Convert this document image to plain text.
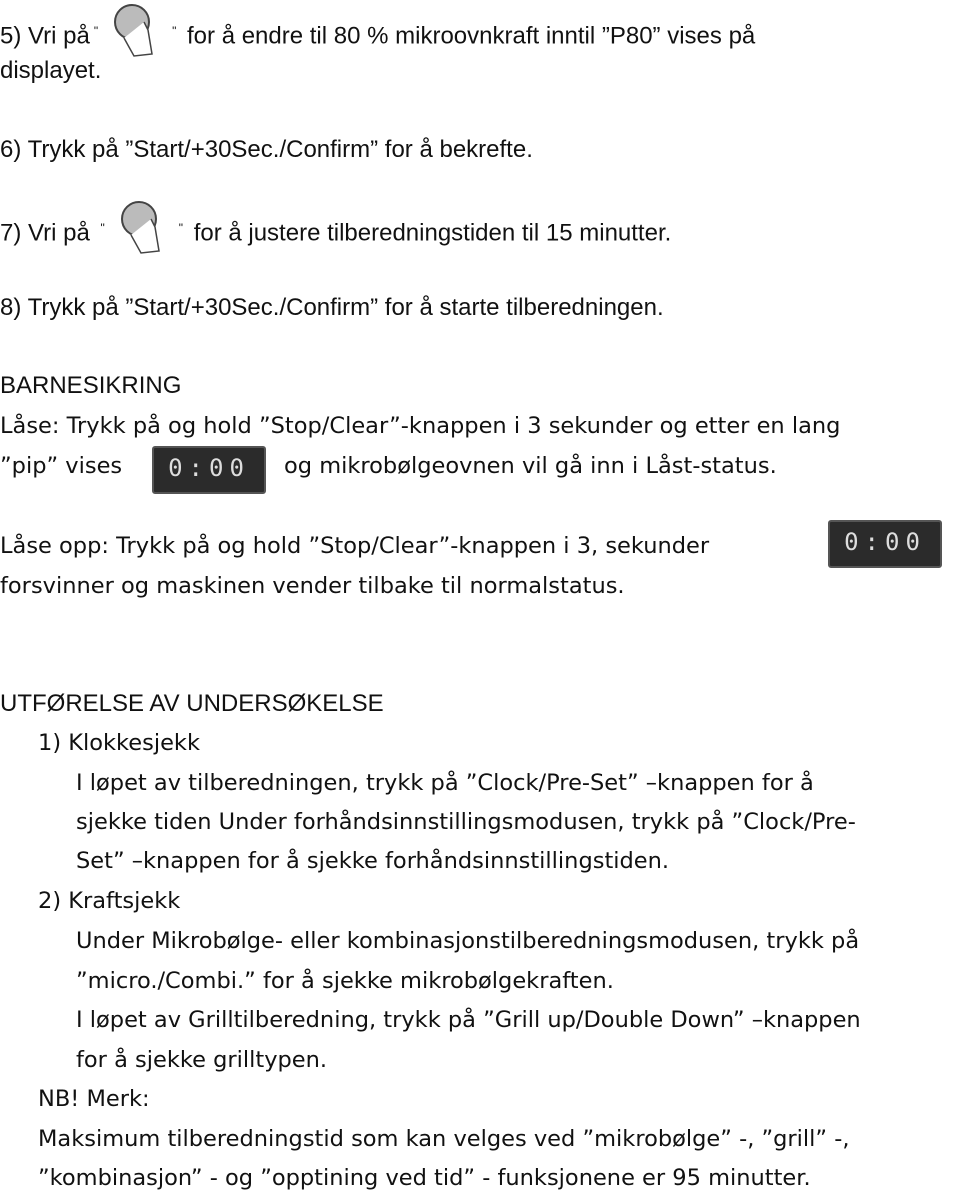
5) Vri på "	" for å endre til 80 % mikroovnkraft inntil ”P80” vises på
displayet.
6) Trykk på ”Start/+30Sec./Confirm” for å bekrefte.
7) Vri på "	" for å justere tilberedningstiden til 15 minutter.
8) Trykk på ”Start/+30Sec./Confirm” for å starte tilberedningen.
BARNESIKRING
Låse: Trykk på og hold ”Stop/Clear”-knappen i 3 sekunder og etter en lang
”pip” vises	0:00	og mikrobølgeovnen vil gå inn i Låst-status.
Låse opp: Trykk på og hold ”Stop/Clear”-knappen i 3, sekunder	0:00
forsvinner og maskinen vender tilbake til normalstatus.
UTFØRELSE AV UNDERSØKELSE
1) Klokkesjekk
I løpet av tilberedningen, trykk på ”Clock/Pre-Set” –knappen for å
sjekke tiden Under forhåndsinnstillingsmodusen, trykk på ”Clock/Pre-
Set” –knappen for å sjekke forhåndsinnstillingstiden.
2) Kraftsjekk
Under Mikrobølge- eller kombinasjonstilberedningsmodusen, trykk på
”micro./Combi.” for å sjekke mikrobølgekraften.
I løpet av Grilltilberedning, trykk på ”Grill up/Double Down” –knappen
for å sjekke grilltypen.
NB! Merk:
Maksimum tilberedningstid som kan velges ved ”mikrobølge” -, ”grill” -,
”kombinasjon” - og ”opptining ved tid” - funksjonene er 95 minutter.
